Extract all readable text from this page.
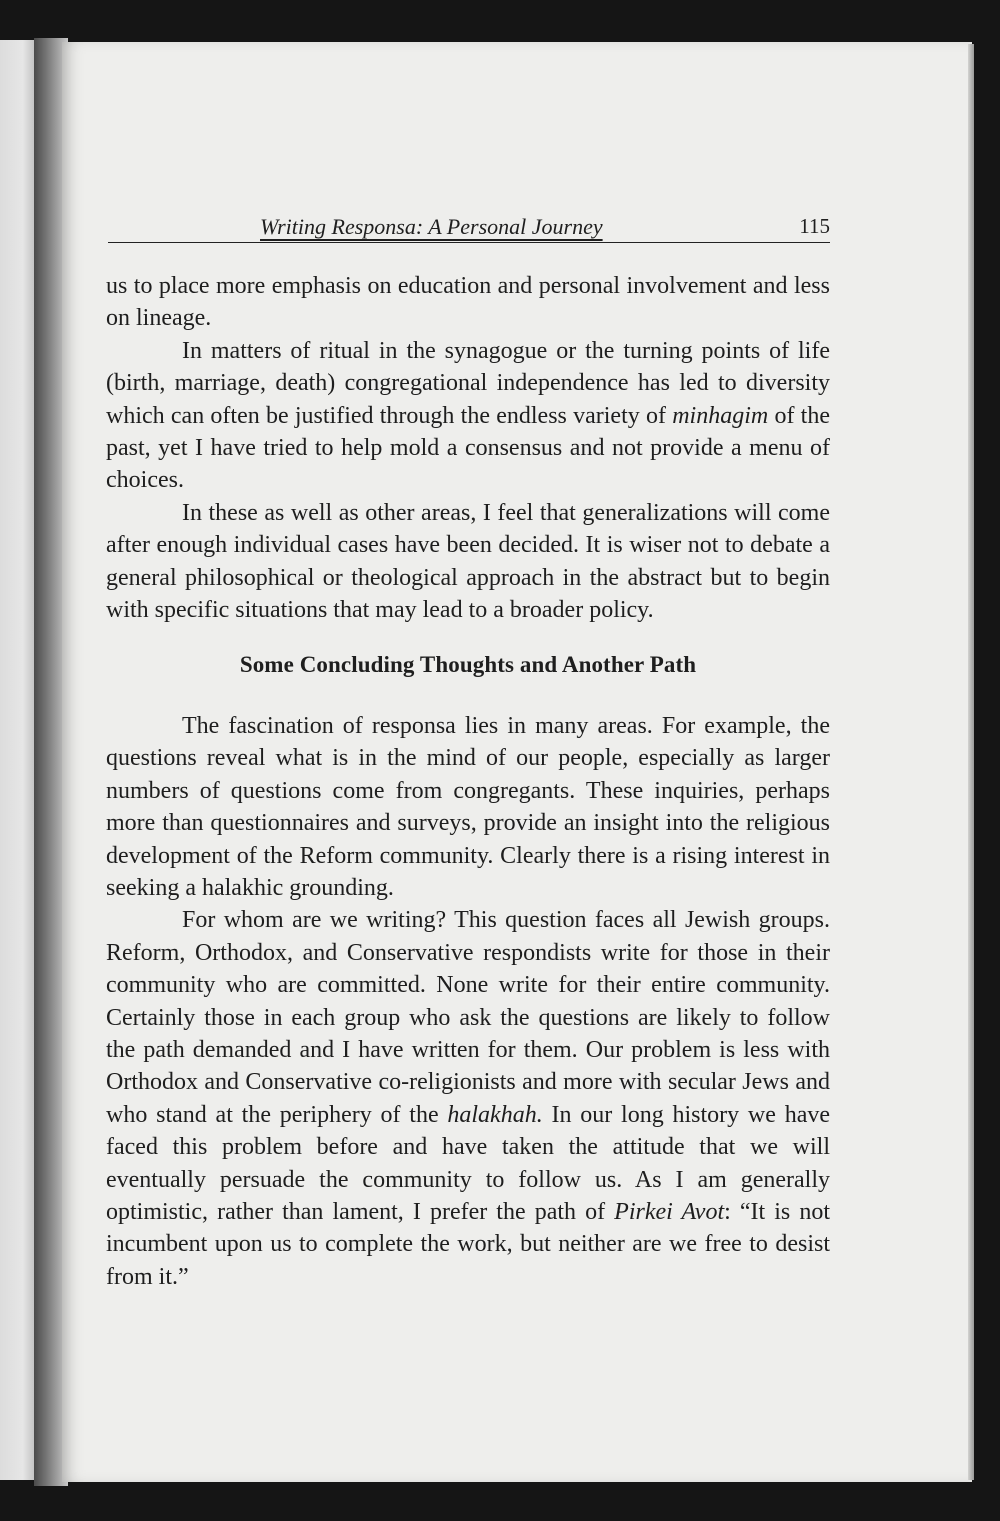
Writing Responsa: A Personal Journey	115

us to place more emphasis on education and personal involvement and less on lineage.

In matters of ritual in the synagogue or the turning points of life (birth, marriage, death) congregational independence has led to diversity which can often be justified through the endless variety of minhagim of the past, yet I have tried to help mold a consensus and not provide a menu of choices.

In these as well as other areas, I feel that generalizations will come after enough individual cases have been decided. It is wiser not to debate a general philosophical or theological approach in the abstract but to begin with specific situations that may lead to a broader policy.

Some Concluding Thoughts and Another Path

The fascination of responsa lies in many areas. For example, the questions reveal what is in the mind of our people, especially as larger numbers of questions come from congregants. These inquiries, perhaps more than questionnaires and surveys, provide an insight into the religious development of the Reform community. Clearly there is a rising interest in seeking a halakhic grounding.

For whom are we writing? This question faces all Jewish groups. Reform, Orthodox, and Conservative respondists write for those in their community who are committed. None write for their entire community. Certainly those in each group who ask the questions are likely to follow the path demanded and I have written for them. Our problem is less with Orthodox and Conservative co-religionists and more with secular Jews and who stand at the periphery of the halakhah. In our long history we have faced this problem before and have taken the attitude that we will eventually persuade the community to follow us. As I am generally optimistic, rather than lament, I prefer the path of Pirkei Avot: “It is not incumbent upon us to complete the work, but neither are we free to desist from it.”
